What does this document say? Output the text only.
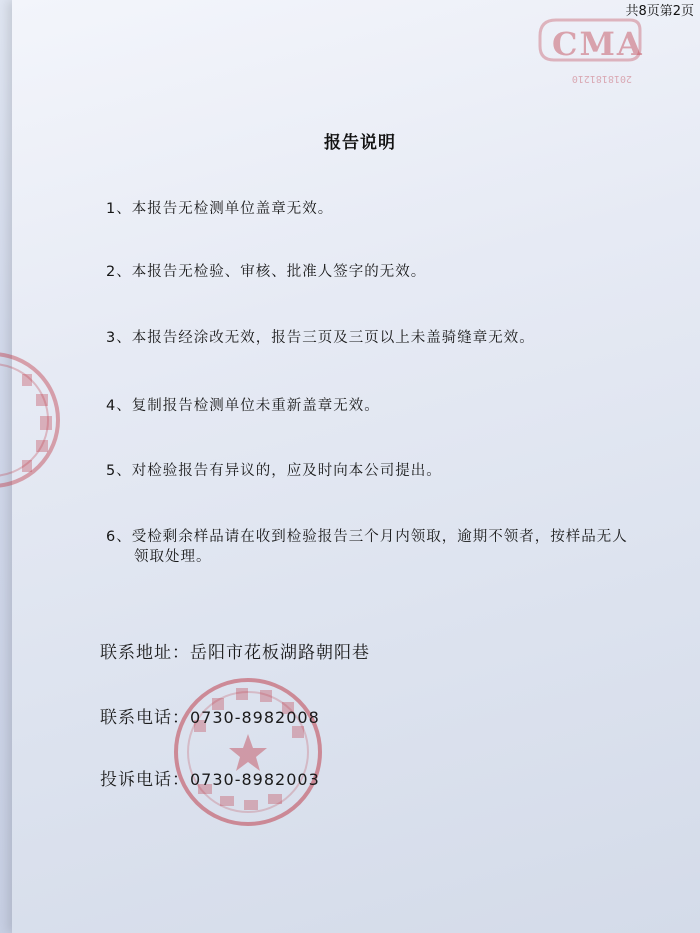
CMA
2018181210
共8页第2页
报告说明
1、本报告无检测单位盖章无效。
2、本报告无检验、审核、批准人签字的无效。
3、本报告经涂改无效，报告三页及三页以上未盖骑缝章无效。
4、复制报告检测单位未重新盖章无效。
5、对检验报告有异议的，应及时向本公司提出。
6、受检剩余样品请在收到检验报告三个月内领取，逾期不领者，按样品无人
领取处理。
联系地址：岳阳市花板湖路朝阳巷
联系电话：0730-8982008
投诉电话：0730-8982003
